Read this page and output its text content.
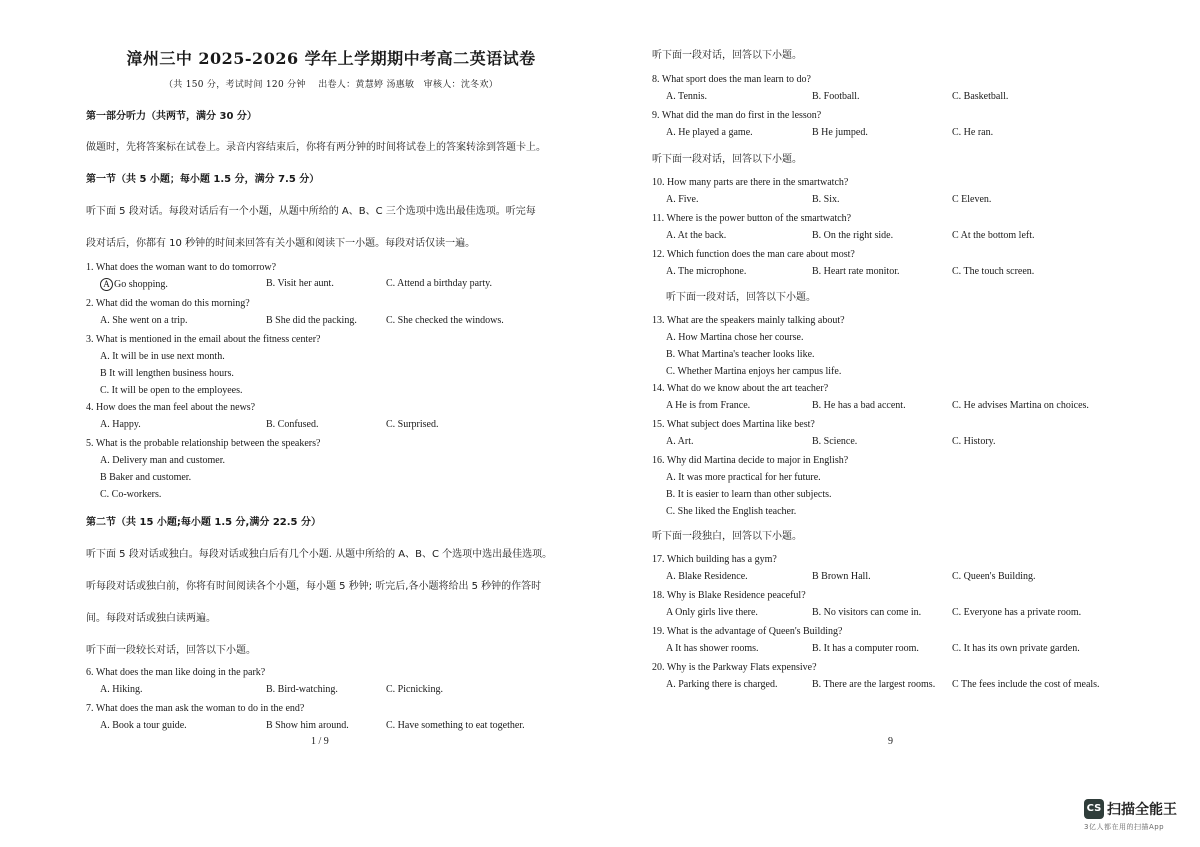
漳州三中 2025-2026 学年上学期期中考高二英语试卷
（共 150 分，考试时间 120 分钟　 出卷人：黄慧婷 汤惠敏　审核人：沈冬欢）
第一部分听力（共两节，满分 30 分）
做题时，先将答案标在试卷上。录音内容结束后，你将有两分钟的时间将试卷上的答案转涂到答题卡上。
第一节（共 5 小题；每小题 1.5 分，满分 7.5 分）
听下面 5 段对话。每段对话后有一个小题，从题中所给的 A、B、C 三个选项中选出最佳选项。听完每
段对话后，你都有 10 秒钟的时间来回答有关小题和阅读下一小题。每段对话仅读一遍。
1. What does the woman want to do tomorrow?
A Go shopping.	B. Visit her aunt.	C. Attend a birthday party.
2. What did the woman do this morning?
A. She went on a trip.	B She did the packing.	C. She checked the windows.
3. What is mentioned in the email about the fitness center?
A. It will be in use next month.
B It will lengthen business hours.
C. It will be open to the employees.
4. How does the man feel about the news?
A. Happy.	B. Confused.	C. Surprised.
5. What is the probable relationship between the speakers?
A. Delivery man and customer.
B Baker and customer.
C. Co-workers.
第二节（共 15 小题;每小题 1.5 分,满分 22.5 分）
听下面 5 段对话或独白。每段对话或独白后有几个小题. 从题中所给的 A、B、C 个选项中选出最佳选项。
听每段对话或独白前，你将有时间阅读各个小题，每小题 5 秒钟; 听完后,各小题将给出 5 秒钟的作答时
间。每段对话或独白读两遍。
听下面一段较长对话，回答以下小题。
6. What does the man like doing in the park?
A. Hiking.	B. Bird-watching.	C. Picnicking.
7. What does the man ask the woman to do in the end?
A. Book a tour guide.	B Show him around.	C. Have something to eat together.
1 / 9
听下面一段对话，回答以下小题。
8. What sport does the man learn to do?
A. Tennis.	B. Football.	C. Basketball.
9. What did the man do first in the lesson?
A. He played a game.	B He jumped.	C. He ran.
听下面一段对话，回答以下小题。
10. How many parts are there in the smartwatch?
A. Five.	B. Six.	C Eleven.
11. Where is the power button of the smartwatch?
A. At the back.	B. On the right side.	C At the bottom left.
12. Which function does the man care about most?
A. The microphone.	B. Heart rate monitor.	C. The touch screen.
听下面一段对话，回答以下小题。
13. What are the speakers mainly talking about?
A. How Martina chose her course.
B. What Martina's teacher looks like.
C. Whether Martina enjoys her campus life.
14. What do we know about the art teacher?
A He is from France.	B. He has a bad accent.	C. He advises Martina on choices.
15. What subject does Martina like best?
A. Art.	B. Science.	C. History.
16. Why did Martina decide to major in English?
A. It was more practical for her future.
B. It is easier to learn than other subjects.
C. She liked the English teacher.
听下面一段独白，回答以下小题。
17. Which building has a gym?
A. Blake Residence.	B Brown Hall.	C. Queen's Building.
18. Why is Blake Residence peaceful?
A Only girls live there.	B. No visitors can come in.	C. Everyone has a private room.
19. What is the advantage of Queen's Building?
A It has shower rooms.	B. It has a computer room.	C. It has its own private garden.
20. Why is the Parkway Flats expensive?
A. Parking there is charged.	B. There are the largest rooms. C The fees include the cost of meals.
9
CS 扫描全能王
3亿人都在用的扫描App
